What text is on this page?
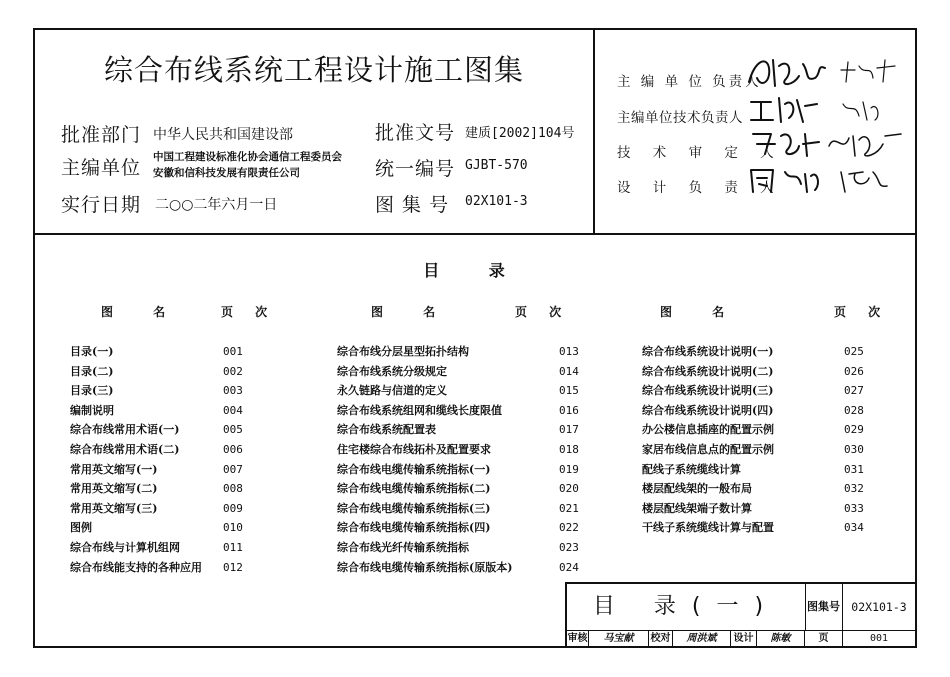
综合布线系统工程设计施工图集
批准部门 中华人民共和国建设部
主编单位 中国工程建设标准化协会通信工程委员会
安徽和信科技发展有限责任公司
实行日期 二○○二年六月一日
批准文号 建质[2002]104号
统一编号 GJBT-570
图 集 号 02X101-3
主 编 单 位 负责人
主编单位技术负责人
技 术 审 定 人
设 计 负 责 人
目 录
图 名	页 次	图 名	页 次	图 名	页 次
目录(一)	001
目录(二)	002
目录(三)	003
编制说明	004
综合布线常用术语(一)	005
综合布线常用术语(二)	006
常用英文缩写(一)	007
常用英文缩写(二)	008
常用英文缩写(三)	009
图例	010
综合布线与计算机组网	011
综合布线能支持的各种应用 012
综合布线分层星型拓扑结构	013
综合布线系统分级规定	014
永久链路与信道的定义	015
综合布线系统组网和缆线长度限值	016
综合布线系统配置表	017
住宅楼综合布线拓朴及配置要求	018
综合布线电缆传输系统指标(一)	019
综合布线电缆传输系统指标(二)	020
综合布线电缆传输系统指标(三)	021
综合布线电缆传输系统指标(四)	022
综合布线光纤传输系统指标	023
综合布线电缆传输系统指标(原版本)	024
综合布线系统设计说明(一)	025
综合布线系统设计说明(二)	026
综合布线系统设计说明(三)	027
综合布线系统设计说明(四)	028
办公楼信息插座的配置示例	029
家居布线信息点的配置示例	030
配线子系统缆线计算	031
楼层配线架的一般布局	032
楼层配线架端子数计算	033
干线子系统缆线计算与配置	034
目 录(一)	图集号 02X101-3
审核	马宝献	校对	周洪斌	设计	陈敏	页	001
